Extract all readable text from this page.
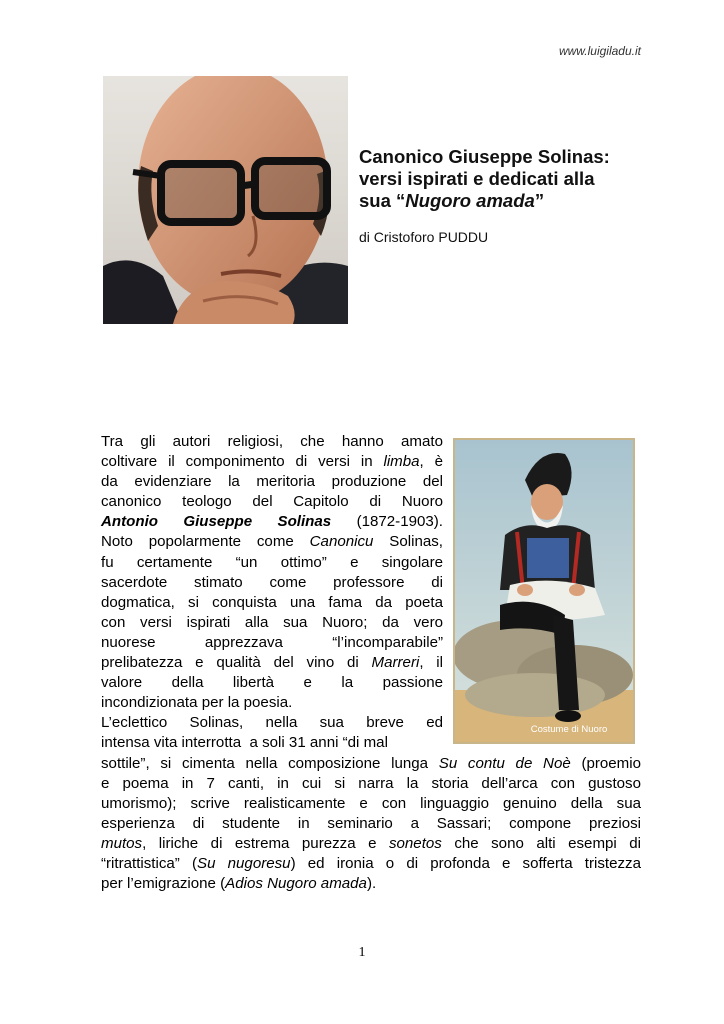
www.luigiladu.it
Canonico Giuseppe Solinas:
versi ispirati e dedicati alla
sua “Nugoro amada”
di Cristoforo PUDDU
Costume di Nuoro
Tra gli autori religiosi, che hanno amato
coltivare il componimento di versi in limba, è
da evidenziare la meritoria produzione del
canonico teologo del Capitolo di Nuoro
Antonio Giuseppe Solinas (1872-1903).
Noto popolarmente come Canonicu Solinas,
fu certamente “un ottimo” e singolare
sacerdote stimato come professore di
dogmatica, si conquista una fama da poeta
con versi ispirati alla sua Nuoro; da vero
nuorese apprezzava “l’incomparabile”
prelibatezza e qualità del vino di Marreri, il
valore della libertà e la passione
incondizionata per la poesia.
L’eclettico Solinas, nella sua breve ed
intensa vita interrotta  a soli 31 anni “di mal
sottile”, si cimenta nella composizione lunga Su contu de Noè (proemio
e poema in 7 canti, in cui si narra la storia dell’arca con gustoso
umorismo); scrive realisticamente e con linguaggio genuino della sua
esperienza di studente in seminario a Sassari; compone preziosi
mutos, liriche di estrema purezza e sonetos che sono alti esempi di
“ritrattistica” (Su nugoresu) ed ironia o di profonda e sofferta tristezza
per l’emigrazione (Adios Nugoro amada).
1
